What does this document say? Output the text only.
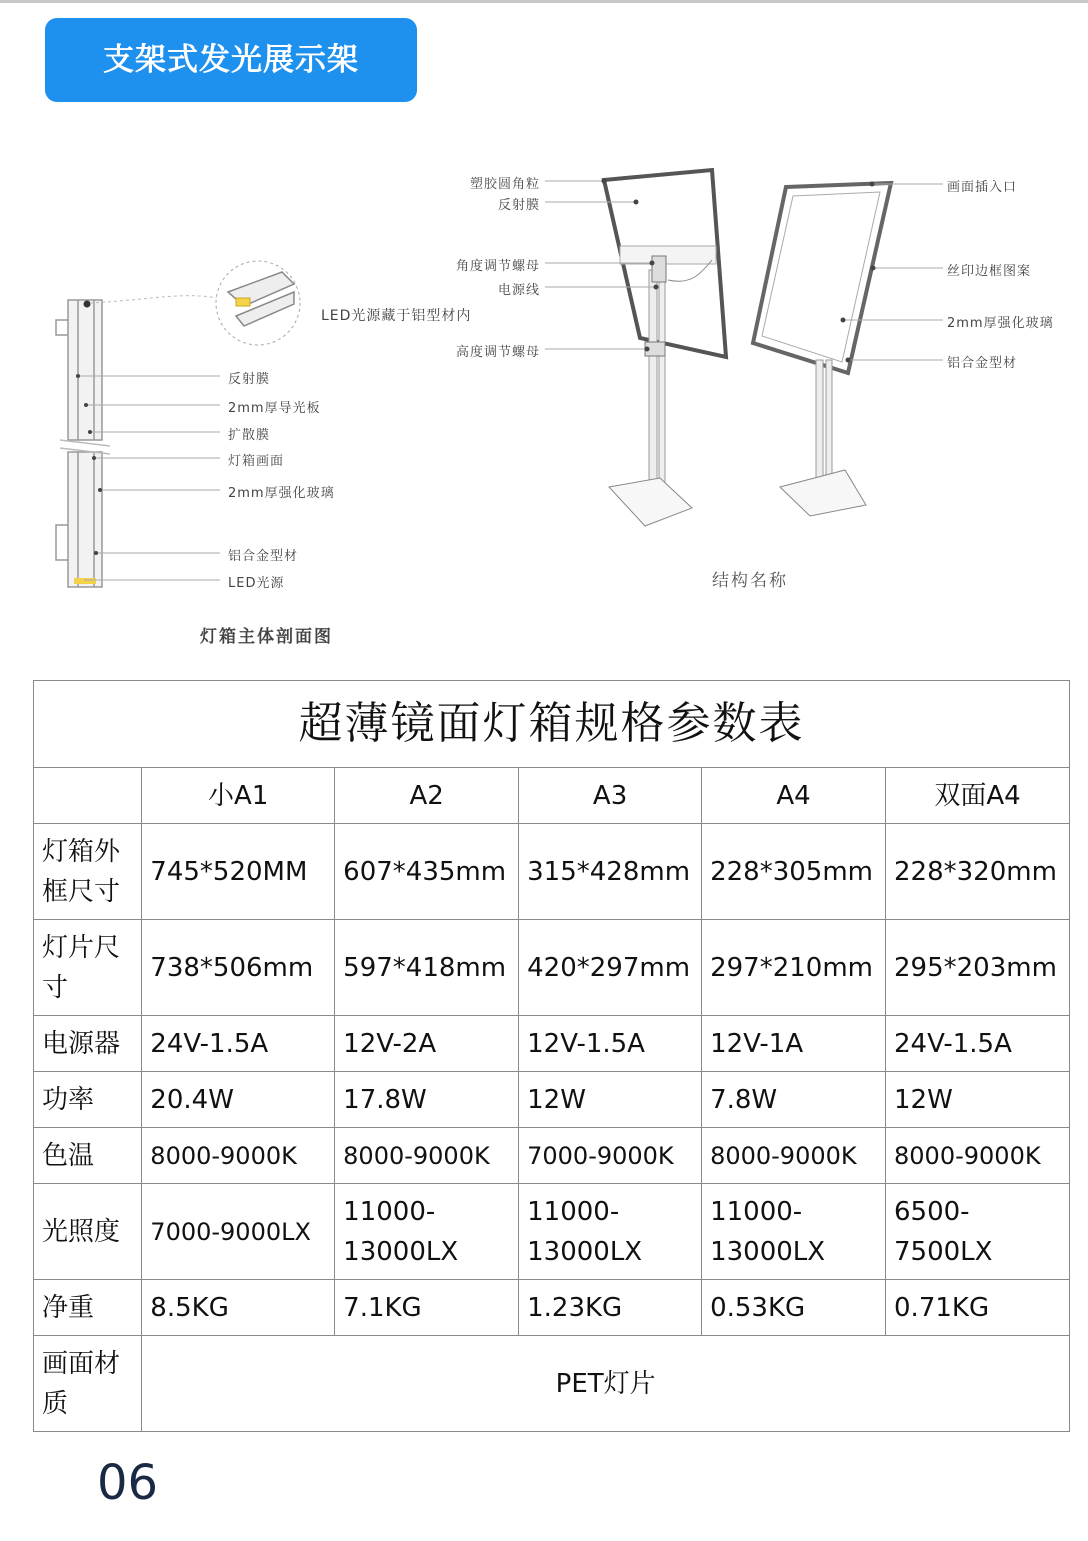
支架式发光展示架
LED光源藏于铝型材内
反射膜
2mm厚导光板
扩散膜
灯箱画面
2mm厚强化玻璃
铝合金型材
LED光源
灯箱主体剖面图
塑胶圆角粒
反射膜
角度调节螺母
电源线
高度调节螺母
画面插入口
丝印边框图案
2mm厚强化玻璃
铝合金型材
结构名称
超薄镜面灯箱规格参数表					
	小A1	A2	A3	A4	双面A4
灯箱外框尺寸	745*520MM	607*435mm	315*428mm	228*305mm	228*320mm
灯片尺寸	738*506mm	597*418mm	420*297mm	297*210mm	295*203mm
电源器	24V-1.5A	12V-2A	12V-1.5A	12V-1A	24V-1.5A
功率	20.4W	17.8W	12W	7.8W	12W
色温	8000-9000K	8000-9000K	7000-9000K	8000-9000K	8000-9000K
光照度	7000-9000LX	11000-13000LX	11000-13000LX	11000-13000LX	6500-7500LX
净重	8.5KG	7.1KG	1.23KG	0.53KG	0.71KG
画面材质	PET灯片				
06
